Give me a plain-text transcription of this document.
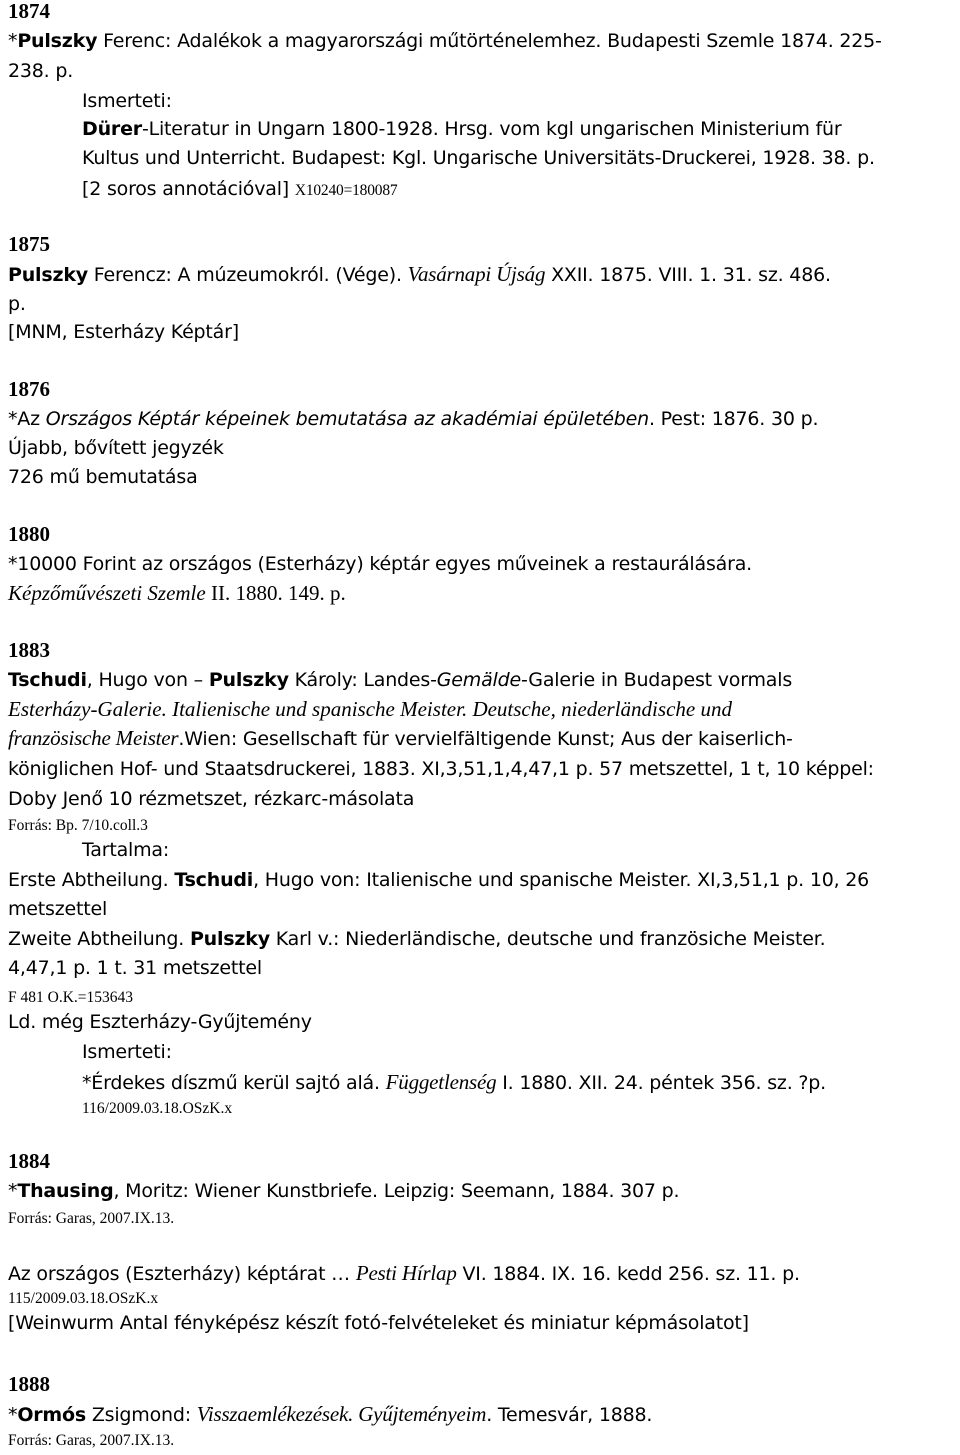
1874
*Pulszky Ferenc: Adalékok a magyarországi műtörténelemhez. Budapesti Szemle 1874. 225-
238. p.
Ismerteti:
Dürer-Literatur in Ungarn 1800-1928. Hrsg. vom kgl ungarischen Ministerium für
Kultus und Unterricht. Budapest: Kgl. Ungarische Universitäts-Druckerei, 1928. 38. p.
[2 soros annotációval] X10240=180087
1875
Pulszky Ferencz: A múzeumokról. (Vége). Vasárnapi Újság XXII. 1875. VIII. 1. 31. sz. 486.
p.
[MNM, Esterházy Képtár]
1876
*Az Országos Képtár képeinek bemutatása az akadémiai épületében. Pest: 1876. 30 p.
Újabb, bővített jegyzék
726 mű bemutatása
1880
*10000 Forint az országos (Esterházy) képtár egyes műveinek a restaurálására.
Képzőművészeti Szemle II. 1880. 149. p.
1883
Tschudi, Hugo von – Pulszky Károly: Landes-Gemälde-Galerie in Budapest vormals
Esterházy-Galerie. Italienische und spanische Meister. Deutsche, niederländische und
französische Meister.Wien: Gesellschaft für vervielfältigende Kunst; Aus der kaiserlich-
königlichen Hof- und Staatsdruckerei, 1883. XI,3,51,1,4,47,1 p. 57 metszettel, 1 t, 10 képpel:
Doby Jenő 10 rézmetszet, rézkarc-másolata
Forrás: Bp. 7/10.coll.3
Tartalma:
Erste Abtheilung. Tschudi, Hugo von: Italienische und spanische Meister. XI,3,51,1 p. 10, 26
metszettel
Zweite Abtheilung. Pulszky Karl v.: Niederländische, deutsche und französiche Meister.
4,47,1 p. 1 t. 31 metszettel
F 481 O.K.=153643
Ld. még Eszterházy-Gyűjtemény
Ismerteti:
*Érdekes díszmű kerül sajtó alá. Függetlenség I. 1880. XII. 24. péntek 356. sz. ?p.
116/2009.03.18.OSzK.x
1884
*Thausing, Moritz: Wiener Kunstbriefe. Leipzig: Seemann, 1884. 307 p.
Forrás: Garas, 2007.IX.13.
Az országos (Eszterházy) képtárat … Pesti Hírlap VI. 1884. IX. 16. kedd 256. sz. 11. p.
115/2009.03.18.OSzK.x
[Weinwurm Antal fényképész készít fotó-felvételeket és miniatur képmásolatot]
1888
*Ormós Zsigmond: Visszaemlékezések. Gyűjteményeim. Temesvár, 1888.
Forrás: Garas, 2007.IX.13.
